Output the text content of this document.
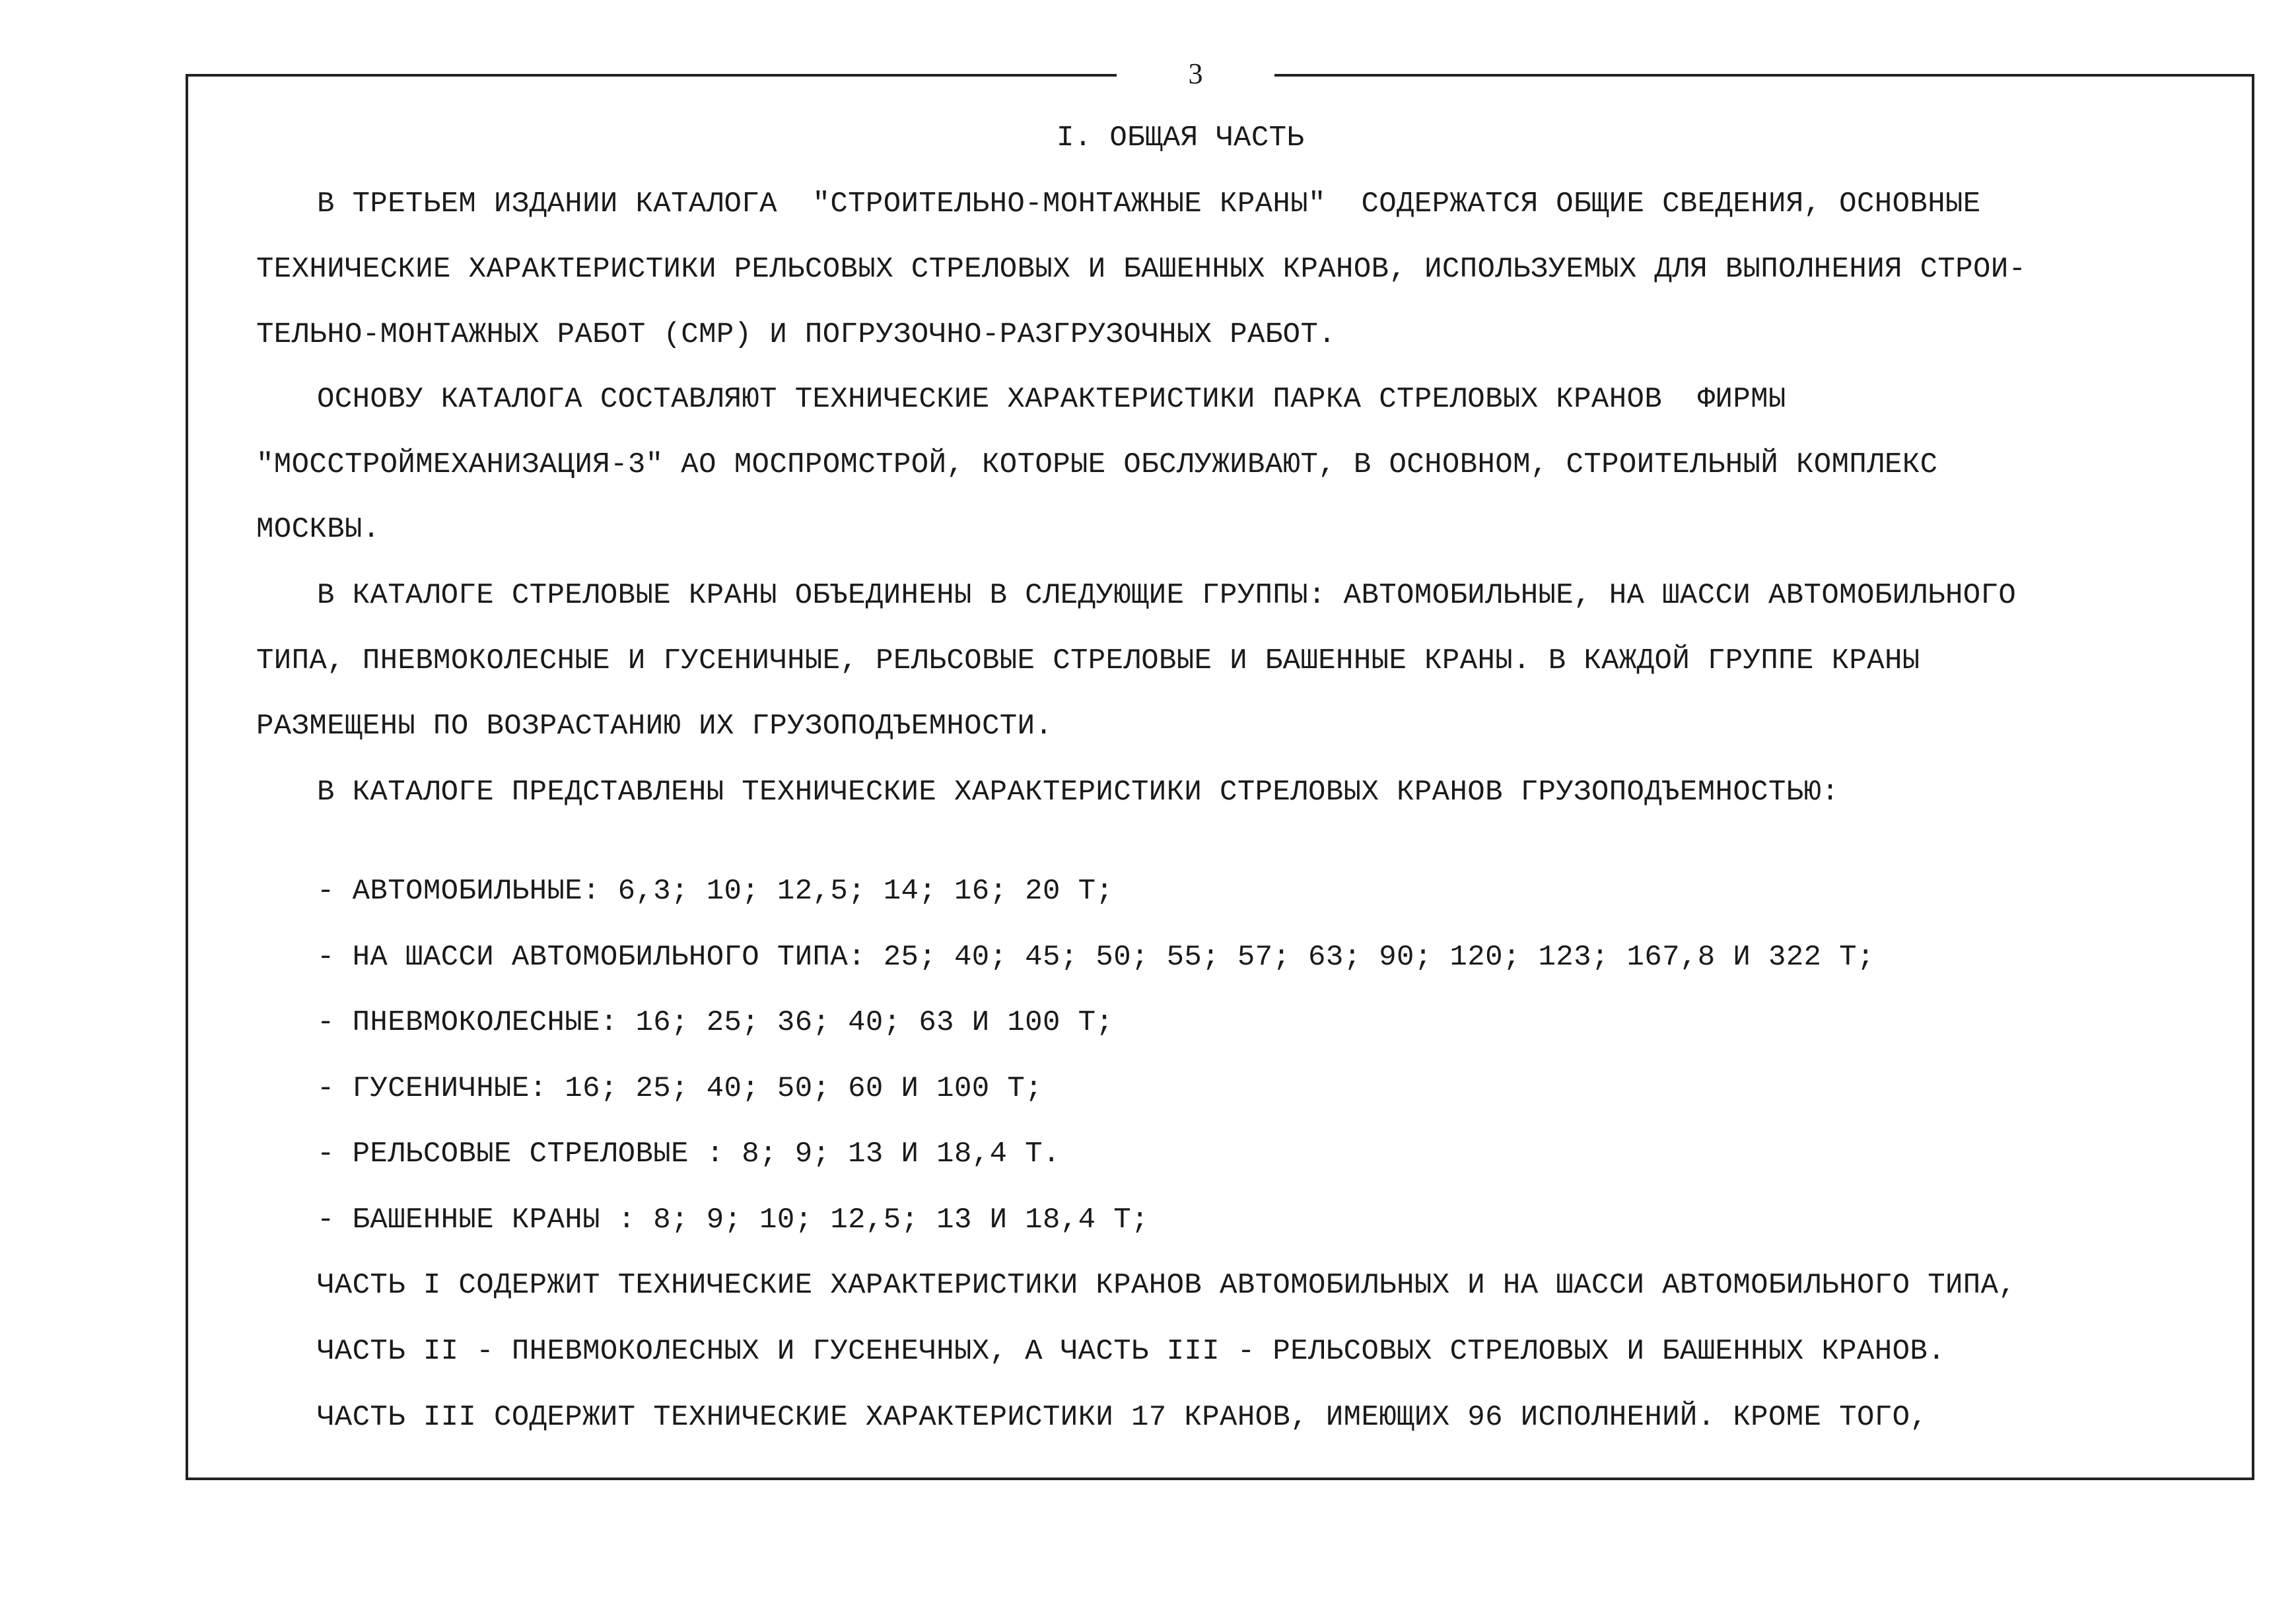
3
I. ОБЩАЯ ЧАСТЬ
В ТРЕТЬЕМ ИЗДАНИИ КАТАЛОГА  "СТРОИТЕЛЬНО-МОНТАЖНЫЕ КРАНЫ"  СОДЕРЖАТСЯ ОБЩИЕ СВЕДЕНИЯ, ОСНОВНЫЕ
ТЕХНИЧЕСКИЕ ХАРАКТЕРИСТИКИ РЕЛЬСОВЫХ СТРЕЛОВЫХ И БАШЕННЫХ КРАНОВ, ИСПОЛЬЗУЕМЫХ ДЛЯ ВЫПОЛНЕНИЯ СТРОИ-
ТЕЛЬНО-МОНТАЖНЫХ РАБОТ (СМР) И ПОГРУЗОЧНО-РАЗГРУЗОЧНЫХ РАБОТ.
ОСНОВУ КАТАЛОГА СОСТАВЛЯЮТ ТЕХНИЧЕСКИЕ ХАРАКТЕРИСТИКИ ПАРКА СТРЕЛОВЫХ КРАНОВ  ФИРМЫ
"МОССТРОЙМЕХАНИЗАЦИЯ-3" АО МОСПРОМСТРОЙ, КОТОРЫЕ ОБСЛУЖИВАЮТ, В ОСНОВНОМ, СТРОИТЕЛЬНЫЙ КОМПЛЕКС
МОСКВЫ.
В КАТАЛОГЕ СТРЕЛОВЫЕ КРАНЫ ОБЪЕДИНЕНЫ В СЛЕДУЮЩИЕ ГРУППЫ: АВТОМОБИЛЬНЫЕ, НА ШАССИ АВТОМОБИЛЬНОГО
ТИПА, ПНЕВМОКОЛЕСНЫЕ И ГУСЕНИЧНЫЕ, РЕЛЬСОВЫЕ СТРЕЛОВЫЕ И БАШЕННЫЕ КРАНЫ. В КАЖДОЙ ГРУППЕ КРАНЫ
РАЗМЕЩЕНЫ ПО ВОЗРАСТАНИЮ ИХ ГРУЗОПОДЪЕМНОСТИ.
В КАТАЛОГЕ ПРЕДСТАВЛЕНЫ ТЕХНИЧЕСКИЕ ХАРАКТЕРИСТИКИ СТРЕЛОВЫХ КРАНОВ ГРУЗОПОДЪЕМНОСТЬЮ:
- АВТОМОБИЛЬНЫЕ: 6,3; 10; 12,5; 14; 16; 20 Т;
- НА ШАССИ АВТОМОБИЛЬНОГО ТИПА: 25; 40; 45; 50; 55; 57; 63; 90; 120; 123; 167,8 И 322 Т;
- ПНЕВМОКОЛЕСНЫЕ: 16; 25; 36; 40; 63 И 100 Т;
- ГУСЕНИЧНЫЕ: 16; 25; 40; 50; 60 И 100 Т;
- РЕЛЬСОВЫЕ СТРЕЛОВЫЕ : 8; 9; 13 И 18,4 Т.
- БАШЕННЫЕ КРАНЫ : 8; 9; 10; 12,5; 13 И 18,4 Т;
ЧАСТЬ I СОДЕРЖИТ ТЕХНИЧЕСКИЕ ХАРАКТЕРИСТИКИ КРАНОВ АВТОМОБИЛЬНЫХ И НА ШАССИ АВТОМОБИЛЬНОГО ТИПА,
ЧАСТЬ II - ПНЕВМОКОЛЕСНЫХ И ГУСЕНЕЧНЫХ, А ЧАСТЬ III - РЕЛЬСОВЫХ СТРЕЛОВЫХ И БАШЕННЫХ КРАНОВ.
ЧАСТЬ III СОДЕРЖИТ ТЕХНИЧЕСКИЕ ХАРАКТЕРИСТИКИ 17 КРАНОВ, ИМЕЮЩИХ 96 ИСПОЛНЕНИЙ. КРОМЕ ТОГО,
